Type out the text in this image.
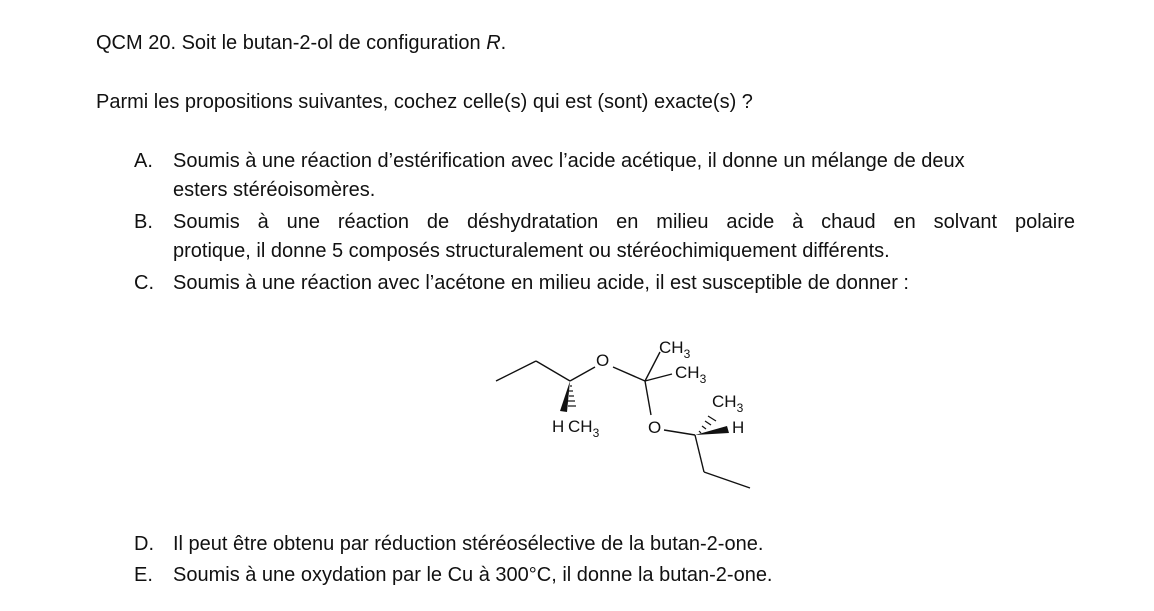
QCM 20. Soit le butan-2-ol de configuration R.
Parmi les propositions suivantes, cochez celle(s) qui est (sont) exacte(s) ?
A.	Soumis à une réaction d’estérification avec l’acide acétique, il donne un mélange de deux
esters stéréoisomères.
B.	Soumis à une réaction de déshydratation en milieu acide à chaud en solvant polaire
protique, il donne 5 composés structuralement ou stéréochimiquement différents.
C. Soumis à une réaction avec l’acétone en milieu acide, il est susceptible de donner :
O
$CH_3$
$CH_3$
$CH_3$
O	H
H $CH_3$
D. Il peut être obtenu par réduction stéréosélective de la butan-2-one.
E.	Soumis à une oxydation par le Cu à 300°C, il donne la butan-2-one.
